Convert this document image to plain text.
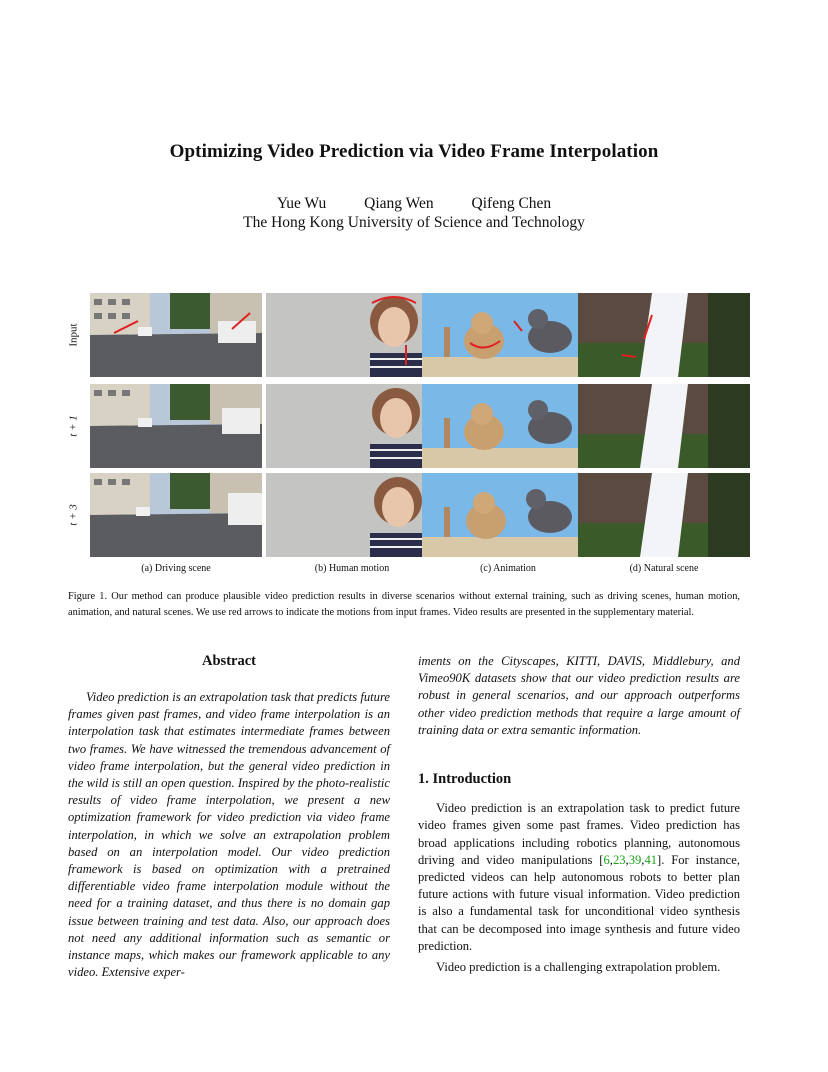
Optimizing Video Prediction via Video Frame Interpolation
Yue Wu Qiang Wen Qifeng Chen
The Hong Kong University of Science and Technology
Input
t + 1
t + 3
(a) Driving scene	(b) Human motion	(c) Animation	(d) Natural scene
Figure 1. Our method can produce plausible video prediction results in diverse scenarios without external training, such as driving scenes, human motion, animation, and natural scenes. We use red arrows to indicate the motions from input frames. Video results are presented in the supplementary material.
Abstract

Video prediction is an extrapolation task that predicts future frames given past frames, and video frame interpolation is an interpolation task that estimates intermediate frames between two frames. We have witnessed the tremendous advancement of video frame interpolation, but the general video prediction in the wild is still an open question. Inspired by the photo-realistic results of video frame interpolation, we present a new optimization framework for video prediction via video frame interpolation, in which we solve an extrapolation problem based on an interpolation model. Our video prediction framework is based on optimization with a pretrained differentiable video frame interpolation module without the need for a training dataset, and thus there is no domain gap issue between training and test data. Also, our approach does not need any additional information such as semantic or instance maps, which makes our framework applicable to any video. Extensive exper-

iments on the Cityscapes, KITTI, DAVIS, Middlebury, and Vimeo90K datasets show that our video prediction results are robust in general scenarios, and our approach outperforms other video prediction methods that require a large amount of training data or extra semantic information.

1. Introduction

Video prediction is an extrapolation task to predict future video frames given some past frames. Video prediction has broad applications including robotics planning, autonomous driving and video manipulations [6,23,39,41]. For instance, predicted videos can help autonomous robots to better plan future actions with future visual information. Video prediction is also a fundamental task for unconditional video synthesis that can be decomposed into image synthesis and future video prediction.

Video prediction is a challenging extrapolation problem.
